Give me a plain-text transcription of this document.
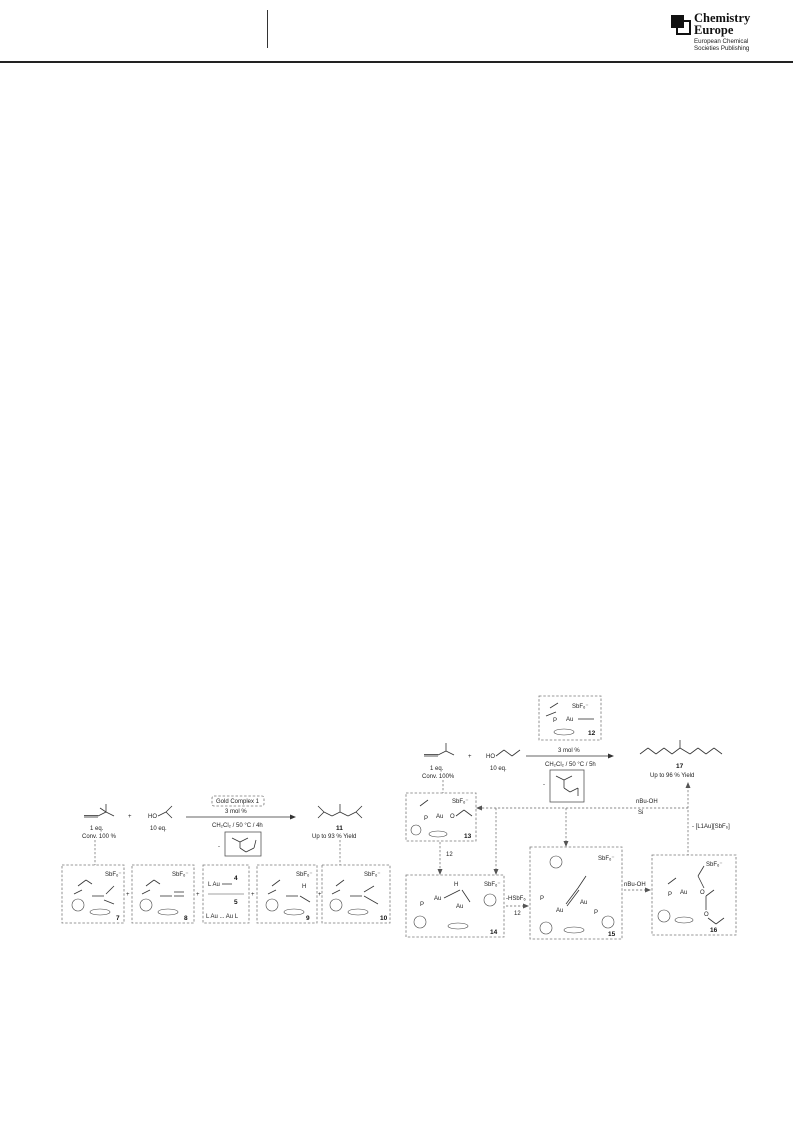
Chemistry
Europe
European Chemical
Societies Publishing
1 eq.
Conv. 100 %
+	HO
10 eq.
Gold Complex 1
3 mol %
CH₂Cl₂ / 50 °C / 4h
-
11
Up to 93 % Yield
SbF₆⁻
7
+
SbF₆⁻
8
+
L Au
4
5
L Au ... Au L
+
SbF₆⁻
H
9
+
SbF₆⁻
10
SbF₆⁻
P Au
12
3 mol %
CH₂Cl₂ / 50 °C / 5h
-
1 eq.
Conv. 100%
+ HO
10 eq.	17
Up to 96 % Yield
nBu-OH
Si
- [L1Au][SbF₆]
SbF₆⁻
P Au O
13
12
SbF₆⁻
H
P
Au
Au
14
-HSbF₆
12
SbF₆⁻
P
Au
Au
P
15
nBu-OH
SbF₆⁻
P Au O
O
16
